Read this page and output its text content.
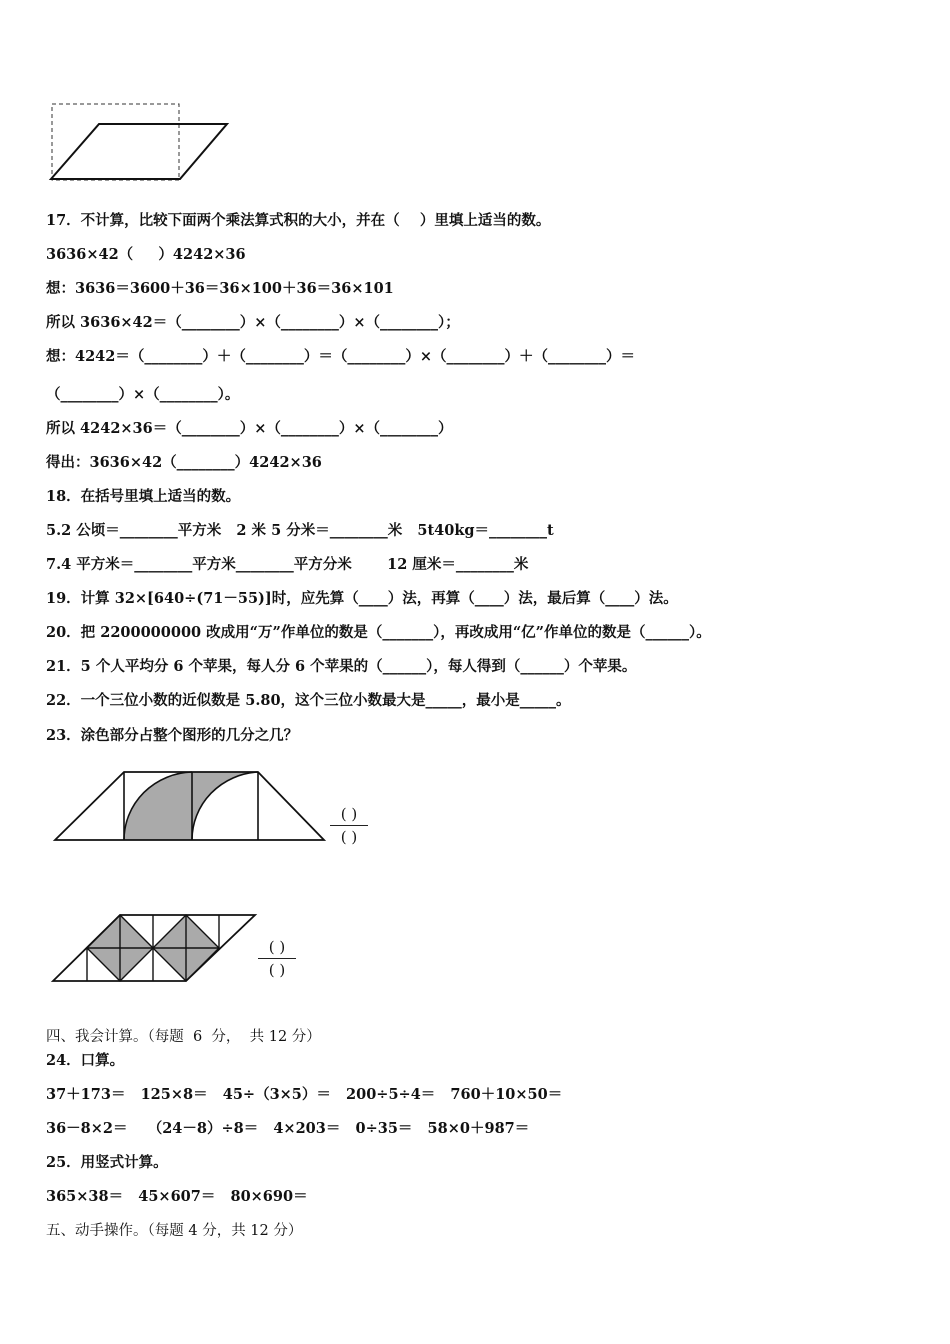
17．不计算，比较下面两个乘法算式积的大小，并在（    ）里填上适当的数。
3636×42（     ）4242×36
想：3636＝3600＋36＝36×100＋36＝36×101
所以 3636×42＝（________）×（________）×（________）；
想：4242＝（________）＋（________）＝（________）×（________）＋（________）＝
（________）×（________）。
所以 4242×36＝（________）×（________）×（________）
得出：3636×42（________）4242×36
18．在括号里填上适当的数。
5.2 公顷＝________平方米   2 米 5 分米＝________米   5t40kg＝________t
7.4 平方米＝________平方米________平方分米       12 厘米＝________米
19．计算 32×[640÷(71－55)]时，应先算（____）法，再算（____）法，最后算（____）法。
20．把 2200000000 改成用“万”作单位的数是（_______），再改成用“亿”作单位的数是（______）。
21．5 个人平均分 6 个苹果，每人分 6 个苹果的（______），每人得到（______）个苹果。
22．一个三位小数的近似数是 5.80，这个三位小数最大是_____，最小是_____。
23．涂色部分占整个图形的几分之几？
( )
( )
( )
( )
四、我会计算。（每题  6  分，  共 12 分）
24．口算。
37＋173＝   125×8＝   45÷（3×5）＝   200÷5÷4＝   760＋10×50＝
36－8×2＝    （24－8）÷8＝   4×203＝   0÷35＝   58×0＋987＝
25．用竖式计算。
365×38＝   45×607＝   80×690＝
五、动手操作。（每题 4 分，共 12 分）
